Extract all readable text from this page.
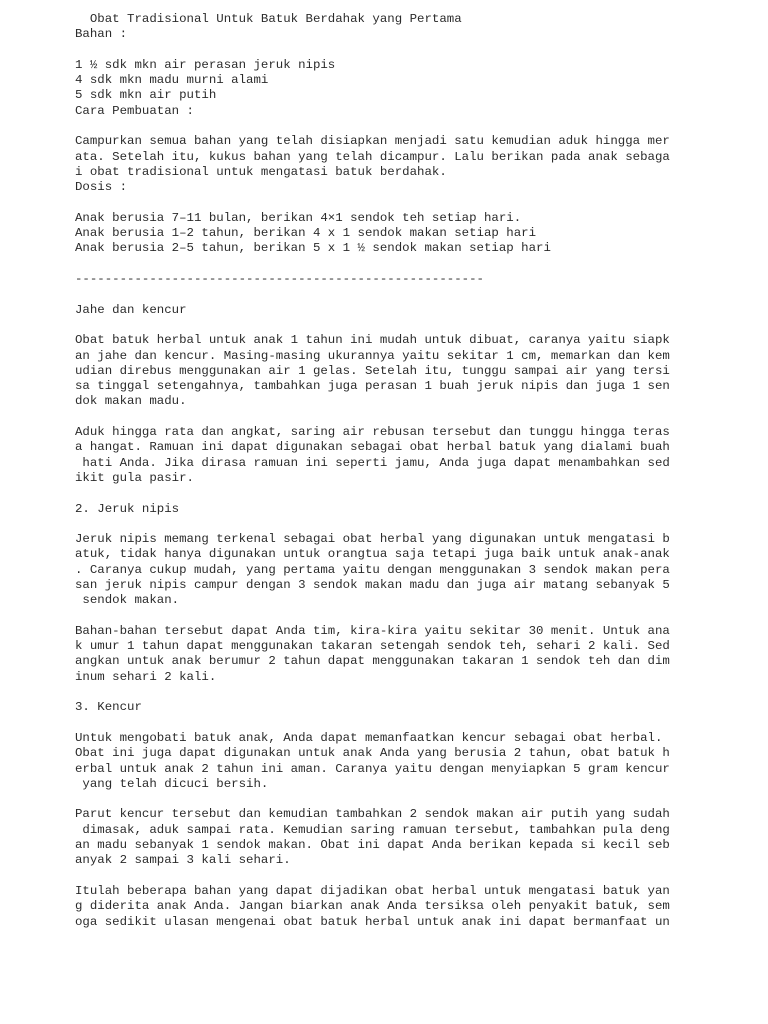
Obat Tradisional Untuk Batuk Berdahak yang Pertama
Bahan :
1 ½ sdk mkn air perasan jeruk nipis
4 sdk mkn madu murni alami
5 sdk mkn air putih
Cara Pembuatan :
Campurkan semua bahan yang telah disiapkan menjadi satu kemudian aduk hingga mer
ata. Setelah itu, kukus bahan yang telah dicampur. Lalu berikan pada anak sebaga
i obat tradisional untuk mengatasi batuk berdahak.
Dosis :
Anak berusia 7–11 bulan, berikan 4×1 sendok teh setiap hari.
Anak berusia 1–2 tahun, berikan 4 x 1 sendok makan setiap hari
Anak berusia 2–5 tahun, berikan 5 x 1 ½ sendok makan setiap hari
-------------------------------------------------------
Jahe dan kencur
Obat batuk herbal untuk anak 1 tahun ini mudah untuk dibuat, caranya yaitu siapk
an jahe dan kencur. Masing-masing ukurannya yaitu sekitar 1 cm, memarkan dan kem
udian direbus menggunakan air 1 gelas. Setelah itu, tunggu sampai air yang tersi
sa tinggal setengahnya, tambahkan juga perasan 1 buah jeruk nipis dan juga 1 sen
dok makan madu.
Aduk hingga rata dan angkat, saring air rebusan tersebut dan tunggu hingga teras
a hangat. Ramuan ini dapat digunakan sebagai obat herbal batuk yang dialami buah
hati Anda. Jika dirasa ramuan ini seperti jamu, Anda juga dapat menambahkan sed
ikit gula pasir.
2. Jeruk nipis
Jeruk nipis memang terkenal sebagai obat herbal yang digunakan untuk mengatasi b
atuk, tidak hanya digunakan untuk orangtua saja tetapi juga baik untuk anak-anak
. Caranya cukup mudah, yang pertama yaitu dengan menggunakan 3 sendok makan pera
san jeruk nipis campur dengan 3 sendok makan madu dan juga air matang sebanyak 5
sendok makan.
Bahan-bahan tersebut dapat Anda tim, kira-kira yaitu sekitar 30 menit. Untuk ana
k umur 1 tahun dapat menggunakan takaran setengah sendok teh, sehari 2 kali. Sed
angkan untuk anak berumur 2 tahun dapat menggunakan takaran 1 sendok teh dan dim
inum sehari 2 kali.
3. Kencur
Untuk mengobati batuk anak, Anda dapat memanfaatkan kencur sebagai obat herbal.
Obat ini juga dapat digunakan untuk anak Anda yang berusia 2 tahun, obat batuk h
erbal untuk anak 2 tahun ini aman. Caranya yaitu dengan menyiapkan 5 gram kencur
yang telah dicuci bersih.
Parut kencur tersebut dan kemudian tambahkan 2 sendok makan air putih yang sudah
dimasak, aduk sampai rata. Kemudian saring ramuan tersebut, tambahkan pula deng
an madu sebanyak 1 sendok makan. Obat ini dapat Anda berikan kepada si kecil seb
anyak 2 sampai 3 kali sehari.
Itulah beberapa bahan yang dapat dijadikan obat herbal untuk mengatasi batuk yan
g diderita anak Anda. Jangan biarkan anak Anda tersiksa oleh penyakit batuk, sem
oga sedikit ulasan mengenai obat batuk herbal untuk anak ini dapat bermanfaat un
